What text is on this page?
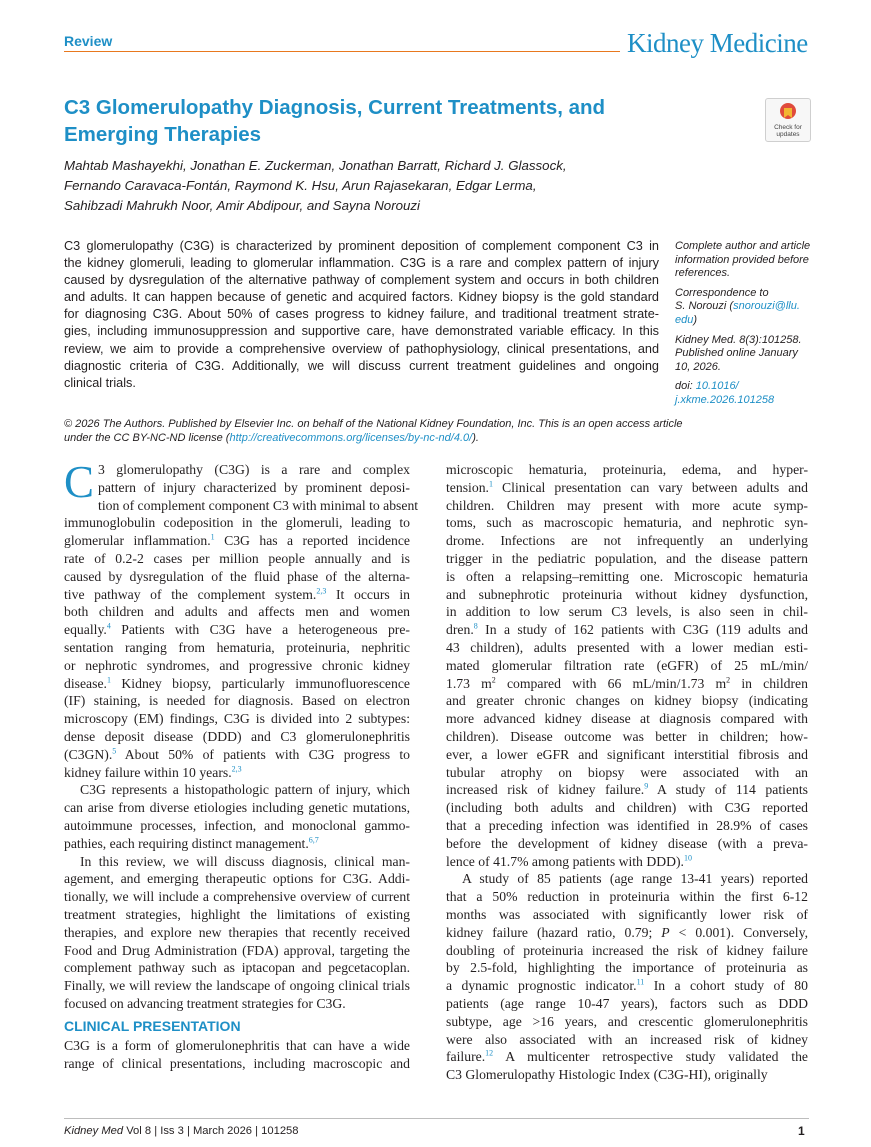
Review	Kidney Medicine
C3 Glomerulopathy Diagnosis, Current Treatments, and
Emerging Therapies	Check for
updates
Mahtab Mashayekhi, Jonathan E. Zuckerman, Jonathan Barratt, Richard J. Glassock,
Fernando Caravaca-Fontán, Raymond K. Hsu, Arun Rajasekaran, Edgar Lerma,
Sahibzadi Mahrukh Noor, Amir Abdipour, and Sayna Norouzi
C3 glomerulopathy (C3G) is characterized by prominent deposition of complement component C3 in
the kidney glomeruli, leading to glomerular inflammation. C3G is a rare and complex pattern of injury
caused by dysregulation of the alternative pathway of complement system and occurs in both children
and adults. It can happen because of genetic and acquired factors. Kidney biopsy is the gold standard
for diagnosing C3G. About 50% of cases progress to kidney failure, and traditional treatment strate-
gies, including immunosuppression and supportive care, have demonstrated variable efficacy. In this
review, we aim to provide a comprehensive overview of pathophysiology, clinical presentations, and
diagnostic criteria of C3G. Additionally, we will discuss current treatment guidelines and ongoing
clinical trials.
Complete author and article
information provided before
references.
Correspondence to
S. Norouzi (snorouzi@llu.
edu)
Kidney Med. 8(3):101258.
Published online January
10, 2026.
doi: 10.1016/
j.xkme.2026.101258
© 2026 The Authors. Published by Elsevier Inc. on behalf of the National Kidney Foundation, Inc. This is an open access article
under the CC BY-NC-ND license (http://creativecommons.org/licenses/by-nc-nd/4.0/).
C 3 glomerulopathy (C3G) is a rare and complex
pattern of injury characterized by prominent deposi-
tion of complement component C3 with minimal to absent
immunoglobulin codeposition in the glomeruli, leading to
glomerular inflammation.$^1$ C3G has a reported incidence
rate of 0.2-2 cases per million people annually and is
caused by dysregulation of the fluid phase of the alterna-
tive pathway of the complement system.$^{2,3}$ It occurs in
both children and adults and affects men and women
equally.$^4$ Patients with C3G have a heterogeneous pre-
sentation ranging from hematuria, proteinuria, nephritic
or nephrotic syndromes, and progressive chronic kidney
disease.$^1$ Kidney biopsy, particularly immunofluorescence
(IF) staining, is needed for diagnosis. Based on electron
microscopy (EM) findings, C3G is divided into 2 subtypes:
dense deposit disease (DDD) and C3 glomerulonephritis
(C3GN).$^5$ About 50% of patients with C3G progress to
kidney failure within 10 years.$^{2,3}$
C3G represents a histopathologic pattern of injury, which
can arise from diverse etiologies including genetic mutations,
autoimmune processes, infection, and monoclonal gammo-
pathies, each requiring distinct management.$^{6,7}$
In this review, we will discuss diagnosis, clinical man-
agement, and emerging therapeutic options for C3G. Addi-
tionally, we will include a comprehensive overview of current
treatment strategies, highlight the limitations of existing
therapies, and explore new therapies that recently received
Food and Drug Administration (FDA) approval, targeting the
complement pathway such as iptacopan and pegcetacoplan.
Finally, we will review the landscape of ongoing clinical trials
focused on advancing treatment strategies for C3G.
CLINICAL PRESENTATION
C3G is a form of glomerulonephritis that can have a wide
range of clinical presentations, including macroscopic and
microscopic hematuria, proteinuria, edema, and hyper-
tension.$^1$ Clinical presentation can vary between adults and
children. Children may present with more acute symp-
toms, such as macroscopic hematuria, and nephrotic syn-
drome. Infections are not infrequently an underlying
trigger in the pediatric population, and the disease pattern
is often a relapsing–remitting one. Microscopic hematuria
and subnephrotic proteinuria without kidney dysfunction,
in addition to low serum C3 levels, is also seen in chil-
dren.$^8$ In a study of 162 patients with C3G (119 adults and
43 children), adults presented with a lower median esti-
mated glomerular filtration rate (eGFR) of 25 mL/min/
1.73 $m^2$ compared with 66 mL/min/1.73 $m^2$ in children
and greater chronic changes on kidney biopsy (indicating
more advanced kidney disease at diagnosis compared with
children). Disease outcome was better in children; how-
ever, a lower eGFR and significant interstitial fibrosis and
tubular atrophy on biopsy were associated with an
increased risk of kidney failure.$^9$ A study of 114 patients
(including both adults and children) with C3G reported
that a preceding infection was identified in 28.9% of cases
before the development of kidney disease (with a preva-
lence of 41.7% among patients with DDD).$^{10}$
A study of 85 patients (age range 13-41 years) reported
that a 50% reduction in proteinuria within the first 6-12
months was associated with significantly lower risk of
kidney failure (hazard ratio, 0.79; P < 0.001). Conversely,
doubling of proteinuria increased the risk of kidney failure
by 2.5-fold, highlighting the importance of proteinuria as
a dynamic prognostic indicator.$^{11}$ In a cohort study of 80
patients (age range 10-47 years), factors such as DDD
subtype, age >16 years, and crescentic glomerulonephritis
were also associated with an increased risk of kidney
failure.$^{12}$ A multicenter retrospective study validated the
C3 Glomerulopathy Histologic Index (C3G-HI), originally
Kidney Med Vol 8 | Iss 3 | March 2026 | 101258	1
